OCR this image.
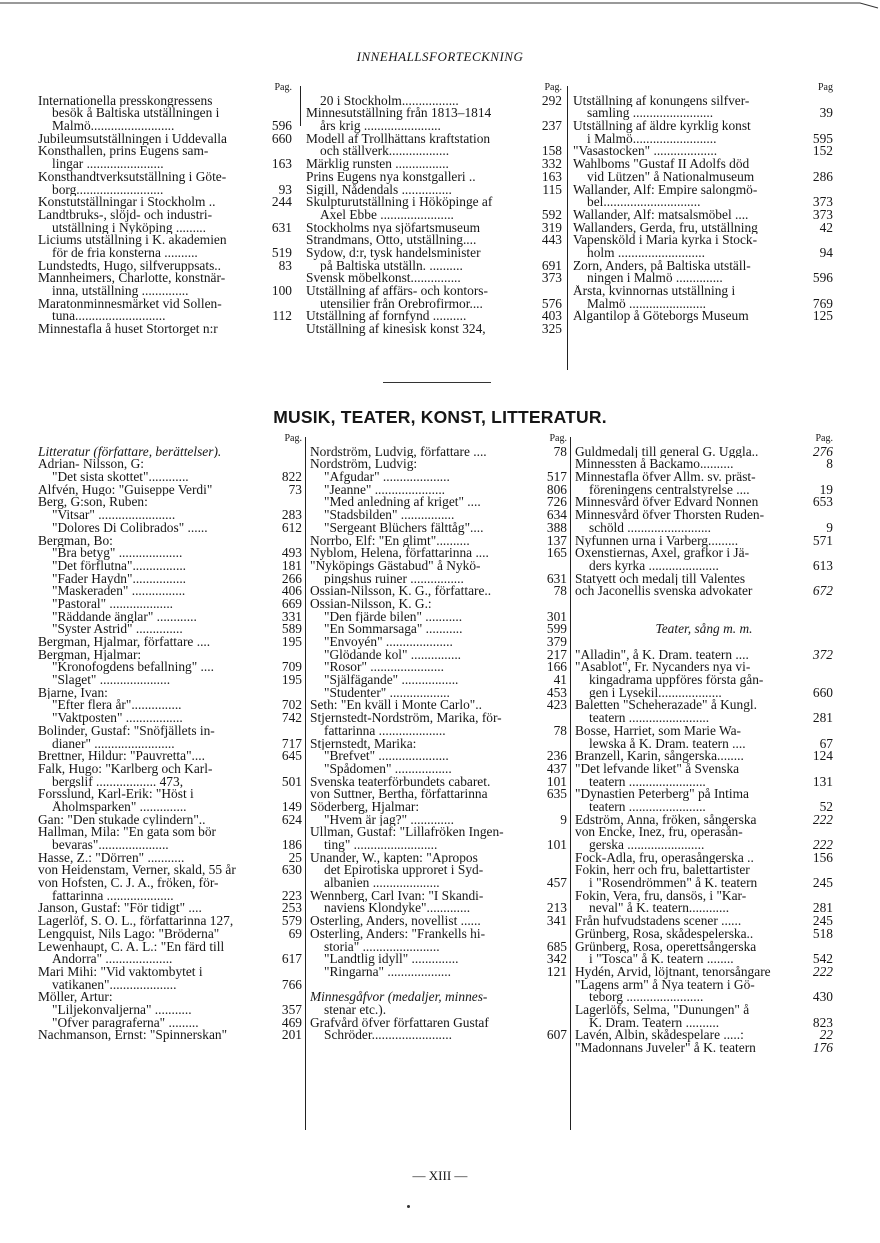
INNEHALLSFORTECKNING
Pag.
Internationella presskongressens
besök å Baltiska utställningen i
596
Malmö.........................
660
Jubileumsutställningen i Uddevalla
Konsthallen, prins Eugens sam-
163
lingar .......................
Konsthandtverksutställning i Göte-
93
borg..........................
244
Konstutställningar i Stockholm ..
Landtbruks-, slöjd- och industri-
631
utställning i Nyköping .........
Liciums utställning i K. akademien
519
för de fria konsterna ..........
83
Lundstedts, Hugo, silfveruppsats..
Mannheimers, Charlotte, konstnär-
100
inna, utställning ..............
Maratonminnesmärket vid Sollen-
112
tuna...........................
Minnestafla å huset Stortorget n:r
Pag.
292
20 i Stockholm.................
Minnesutställning från 1813–1814
237
års krig .......................
Modell af Trollhättans kraftstation
158
och ställverk..................
332
Märklig runsten ................
163
Prins Eugens nya konstgalleri ..
115
Sigill, Nådendals ...............
Skulpturutställning i Hököpinge af
592
Axel Ebbe ......................
319
Stockholms nya sjöfartsmuseum
443
Strandmans, Otto, utställning....
Sydow, d:r, tysk handelsminister
691
på Baltiska utställn. ..........
373
Svensk möbelkonst...............
Utställning af affärs- och kontors-
576
utensilier från Örebrofirmor....
403
Utställning af fornfynd ..........
325
Utställning af kinesisk konst 324,
Pag
Utställning af konungens silfver-
39
samling ........................
Utställning af äldre kyrklig konst
595
i Malmö.........................
152
"Vasastocken" ...................
Wahlboms "Gustaf II Adolfs död
286
vid Lützen" å Nationalmuseum
Wallander, Alf: Empire salongmö-
373
bel.............................
373
Wallander, Alf: matsalsmöbel ....
42
Wallanders, Gerda, fru, utställning
Vapensköld i Maria kyrka i Stock-
94
holm ..........................
Zorn, Anders, på Baltiska utställ-
596
ningen i Malmö ..............
Årsta, kvinnornas utställning i
769
Malmö .......................
125
Älgantilop å Göteborgs Museum
MUSIK, TEATER, KONST, LITTERATUR.
Pag.
Litteratur (författare, berättelser).
Adrian- Nilsson, G:
822
"Det sista skottet"............
73
Alfvén, Hugo: "Guiseppe Verdi"
Berg, G:son, Ruben:
283
"Vitsar" .......................
612
"Dolores Di Colibrados" ......
Bergman, Bo:
493
"Bra betyg" ...................
181
"Det förflutna"................
266
"Fader Haydn"................
406
"Maskeraden" ................
669
"Pastoral" ...................
331
"Räddande änglar" ............
589
"Syster Astrid" ..............
195
Bergman, Hjalmar, författare ....
Bergman, Hjalmar:
709
"Kronofogdens befallning" ....
195
"Slaget" .....................
Bjarne, Ivan:
702
"Efter flera år"...............
742
"Vaktposten" .................
Bolinder, Gustaf: "Snöfjällets in-
717
dianer" ........................
645
Brettner, Hildur: "Pauvretta"....
Falk, Hugo: "Karlberg och Karl-
501
bergslif .................. 473,
Forsslund, Karl-Erik: "Höst i
149
Åholmsparken" ..............
624
Gan: "Den stukade cylindern"..
Hallman, Mila: "En gata som bör
186
bevaras".....................
25
Hasse, Z.: "Dörren" ...........
630
von Heidenstam, Verner, skald, 55 år
von Hofsten, C. J. A., fröken, för-
223
fattarinna ....................
253
Janson, Gustaf: "För tidigt" ....
579
Lagerlöf, S. O. L., författarinna 127,
69
Lengquist, Nils Lago: "Bröderna"
Lewenhaupt, C. A. L.: "En färd till
617
Andorra" ....................
Mari Mihi: "Vid vaktombytet i
766
vatikanen"....................
Möller, Artur:
357
"Liljekonvaljerna" ...........
469
"Öfver paragraferna" .........
201
Nachmanson, Ernst: "Spinnerskan"
Pag.
78
Nordström, Ludvig, författare ....
Nordström, Ludvig:
517
"Afgudar" ....................
806
"Jeanne" .....................
726
"Med anledning af kriget" ....
634
"Stadsbilden" ................
388
"Sergeant Blüchers fälttåg"....
137
Norrbo, Elf: "En glimt"..........
165
Nyblom, Helena, författarinna ....
"Nyköpings Gästabud" å Nykö-
631
pingshus ruiner ................
78
Ossian-Nilsson, K. G., författare..
Ossian-Nilsson, K. G.:
301
"Den fjärde bilen" ...........
599
"En Sommarsaga" ...........
379
"Envoyén" ....................
217
"Glödande kol" ...............
166
"Rosor" ......................
41
"Själfägande" .................
453
"Studenter" ..................
423
Seth: "En kväll i Monte Carlo"..
Stjernstedt-Nordström, Marika, för-
78
fattarinna ....................
Stjernstedt, Marika:
236
"Brefvet" .....................
437
"Spådomen" .................
101
Svenska teaterförbundets cabaret.
635
von Suttner, Bertha, författarinna
Söderberg, Hjalmar:
9
"Hvem är jag?" .............
Ullman, Gustaf: "Lillafröken Ingen-
101
ting" .........................
Unander, W., kapten: "Apropos
det Epirotiska upproret i Syd-
457
albanien ....................
Wennberg, Carl Ivan: "I Skandi-
213
naviens Klondyke".............
341
Österling, Anders, novellist ......
Österling, Anders: "Frankells hi-
685
storia" .......................
342
"Landtlig idyll" ..............
121
"Ringarna" ...................
Minnesgåfvor (medaljer, minnes-
stenar etc.).
Grafvård öfver författaren Gustaf
607
Schröder........................
Pag.
276
Guldmedalj till general G. Uggla..
8
Minnessten å Backamo..........
Minnestafla öfver Allm. sv. präst-
19
föreningens centralstyrelse ....
653
Minnesvård öfver Edvard Nonnen
Minnesvård öfver Thorsten Ruden-
9
schöld .........................
571
Nyfunnen urna i Varberg.........
Oxenstiernas, Axel, grafkor i Jä-
613
ders kyrka .....................
Statyett och medalj till Valentes
672
och Jaconellis svenska advokater
Teater, sång m. m.
372
"Alladin", å K. Dram. teatern ....
"Asablot", Fr. Nycanders nya vi-
kingadrama uppföres första gån-
660
gen i Lysekil...................
Baletten "Scheherazade" å Kungl.
281
teatern ........................
Bosse, Harriet, som Marie Wa-
67
lewska å K. Dram. teatern ....
124
Branzell, Karin, sångerska........
"Det lefvande liket" å Svenska
131
teatern .......................
"Dynastien Peterberg" på Intima
52
teatern .......................
222
Edström, Anna, fröken, sångerska
von Encke, Inez, fru, operasån-
222
gerska .......................
156
Fock-Adla, fru, operasångerska ..
Fokin, herr och fru, balettartister
245
i "Rosendrömmen" å K. teatern
Fokin, Vera, fru, dansös, i "Kar-
281
neval" å K. teatern............
245
Från hufvudstadens scener ......
518
Grünberg, Rosa, skådespelerska..
Grünberg, Rosa, operettsångerska
542
i "Tosca" å K. teatern ........
222
Hydén, Arvid, löjtnant, tenorsångare
"Lagens arm" å Nya teatern i Gö-
430
teborg .......................
Lagerlöfs, Selma, "Dunungen" å
823
K. Dram. Teatern ..........
22
Lavén, Albin, skådespelare .....:
176
"Madonnans Juveler" å K. teatern
— XIII —
